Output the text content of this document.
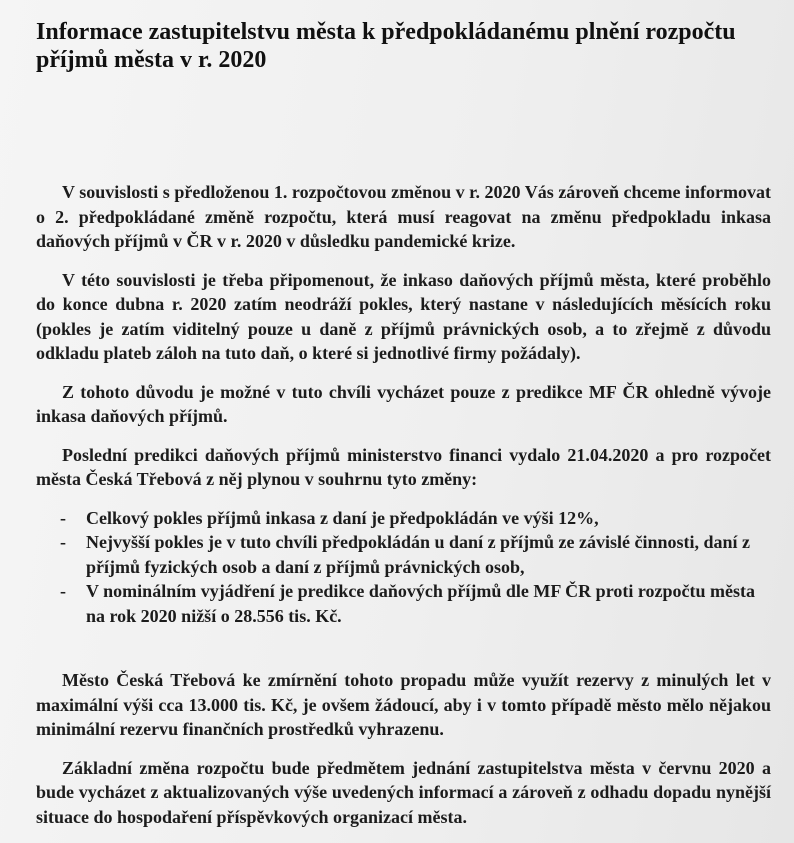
Informace zastupitelstvu města k předpokládanému plnění rozpočtu příjmů města v r. 2020

V souvislosti s předloženou 1. rozpočtovou změnou v r. 2020 Vás zároveň chceme informovat o 2. předpokládané změně rozpočtu, která musí reagovat na změnu předpokladu inkasa daňových příjmů v ČR v r. 2020 v důsledku pandemické krize.

V této souvislosti je třeba připomenout, že inkaso daňových příjmů města, které proběhlo do konce dubna r. 2020 zatím neodráží pokles, který nastane v následujících měsících roku (pokles je zatím viditelný pouze u daně z příjmů právnických osob, a to zřejmě z důvodu odkladu plateb záloh na tuto daň, o které si jednotlivé firmy požádaly).

Z tohoto důvodu je možné v tuto chvíli vycházet pouze z predikce MF ČR ohledně vývoje inkasa daňových příjmů.

Poslední predikci daňových příjmů ministerstvo financi vydalo 21.04.2020 a pro rozpočet města Česká Třebová z něj plynou v souhrnu tyto změny:

- Celkový pokles příjmů inkasa z daní je předpokládán ve výši 12%,
- Nejvyšší pokles je v tuto chvíli předpokládán u daní z příjmů ze závislé činnosti, daní z příjmů fyzických osob a daní z příjmů právnických osob,
- V nominálním vyjádření je predikce daňových příjmů dle MF ČR proti rozpočtu města na rok 2020 nižší o 28.556 tis. Kč.

Město Česká Třebová ke zmírnění tohoto propadu může využít rezervy z minulých let v maximální výši cca 13.000 tis. Kč, je ovšem žádoucí, aby i v tomto případě město mělo nějakou minimální rezervu finančních prostředků vyhrazenu.

Základní změna rozpočtu bude předmětem jednání zastupitelstva města v červnu 2020 a bude vycházet z aktualizovaných výše uvedených informací a zároveň z odhadu dopadu nynější situace do hospodaření příspěvkových organizací města.
